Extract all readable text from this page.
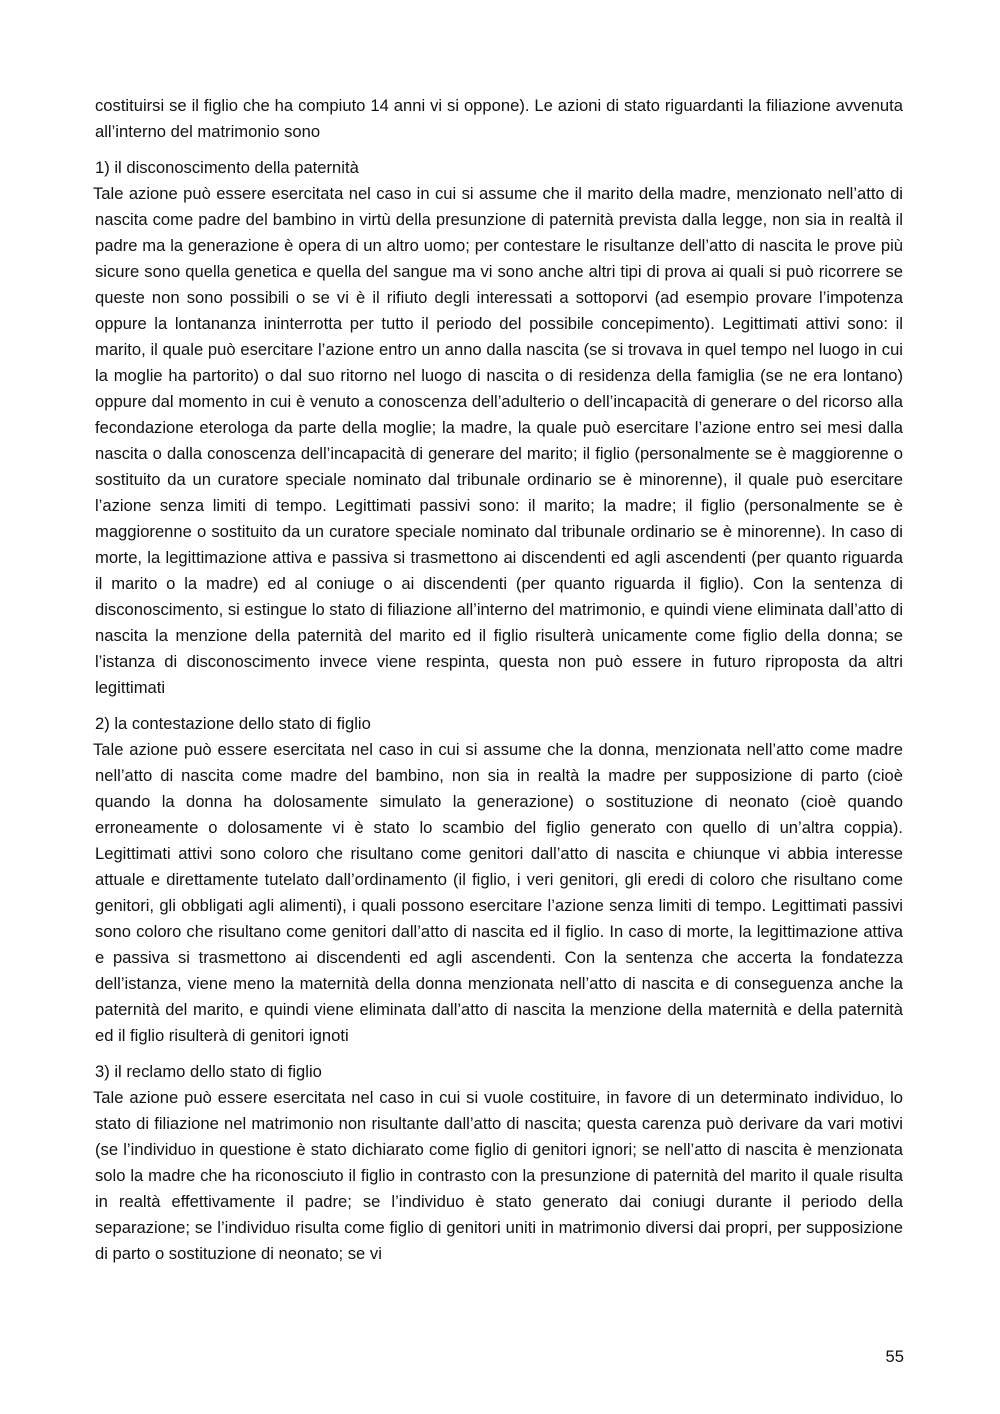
costituirsi se il figlio che ha compiuto 14 anni vi si oppone). Le azioni di stato riguardanti la filiazione avvenuta all’interno del matrimonio sono

1) il disconoscimento della paternità

Tale azione può essere esercitata nel caso in cui si assume che il marito della madre, menzionato nell’atto di nascita come padre del bambino in virtù della presunzione di paternità prevista dalla legge, non sia in realtà il padre ma la generazione è opera di un altro uomo; per contestare le risultanze dell’atto di nascita le prove più sicure sono quella genetica e quella del sangue ma vi sono anche altri tipi di prova ai quali si può ricorrere se queste non sono possibili o se vi è il rifiuto degli interessati a sottoporvi (ad esempio provare l’impotenza oppure la lontananza ininterrotta per tutto il periodo del possibile concepimento). Legittimati attivi sono: il marito, il quale può esercitare l’azione entro un anno dalla nascita (se si trovava in quel tempo nel luogo in cui la moglie ha partorito) o dal suo ritorno nel luogo di nascita o di residenza della famiglia (se ne era lontano) oppure dal momento in cui è venuto a conoscenza dell’adulterio o dell’incapacità di generare o del ricorso alla fecondazione eterologa da parte della moglie; la madre, la quale può esercitare l’azione entro sei mesi dalla nascita o dalla conoscenza dell’incapacità di generare del marito; il figlio (personalmente se è maggiorenne o sostituito da un curatore speciale nominato dal tribunale ordinario se è minorenne), il quale può esercitare l’azione senza limiti di tempo. Legittimati passivi sono: il marito; la madre; il figlio (personalmente se è maggiorenne o sostituito da un curatore speciale nominato dal tribunale ordinario se è minorenne). In caso di morte, la legittimazione attiva e passiva si trasmettono ai discendenti ed agli ascendenti (per quanto riguarda il marito o la madre) ed al coniuge o ai discendenti (per quanto riguarda il figlio). Con la sentenza di disconoscimento, si estingue lo stato di filiazione all’interno del matrimonio, e quindi viene eliminata dall’atto di nascita la menzione della paternità del marito ed il figlio risulterà unicamente come figlio della donna; se l’istanza di disconoscimento invece viene respinta, questa non può essere in futuro riproposta da altri legittimati

2) la contestazione dello stato di figlio

Tale azione può essere esercitata nel caso in cui si assume che la donna, menzionata nell’atto come madre nell’atto di nascita come madre del bambino, non sia in realtà la madre per supposizione di parto (cioè quando la donna ha dolosamente simulato la generazione) o sostituzione di neonato (cioè quando erroneamente o dolosamente vi è stato lo scambio del figlio generato con quello di un’altra coppia). Legittimati attivi sono coloro che risultano come genitori dall’atto di nascita e chiunque vi abbia interesse attuale e direttamente tutelato dall’ordinamento (il figlio, i veri genitori, gli eredi di coloro che risultano come genitori, gli obbligati agli alimenti), i quali possono esercitare l’azione senza limiti di tempo. Legittimati passivi sono coloro che risultano come genitori dall’atto di nascita ed il figlio. In caso di morte, la legittimazione attiva e passiva si trasmettono ai discendenti ed agli ascendenti. Con la sentenza che accerta la fondatezza dell’istanza, viene meno la maternità della donna menzionata nell’atto di nascita e di conseguenza anche la paternità del marito, e quindi viene eliminata dall’atto di nascita la menzione della maternità e della paternità ed il figlio risulterà di genitori ignoti

3) il reclamo dello stato di figlio

Tale azione può essere esercitata nel caso in cui si vuole costituire, in favore di un determinato individuo, lo stato di filiazione nel matrimonio non risultante dall’atto di nascita; questa carenza può derivare da vari motivi (se l’individuo in questione è stato dichiarato come figlio di genitori ignori; se nell’atto di nascita è menzionata solo la madre che ha riconosciuto il figlio in contrasto con la presunzione di paternità del marito il quale risulta in realtà effettivamente il padre; se l’individuo è stato generato dai coniugi durante il periodo della separazione; se l’individuo risulta come figlio di genitori uniti in matrimonio diversi dai propri, per supposizione di parto o sostituzione di neonato; se vi

55
